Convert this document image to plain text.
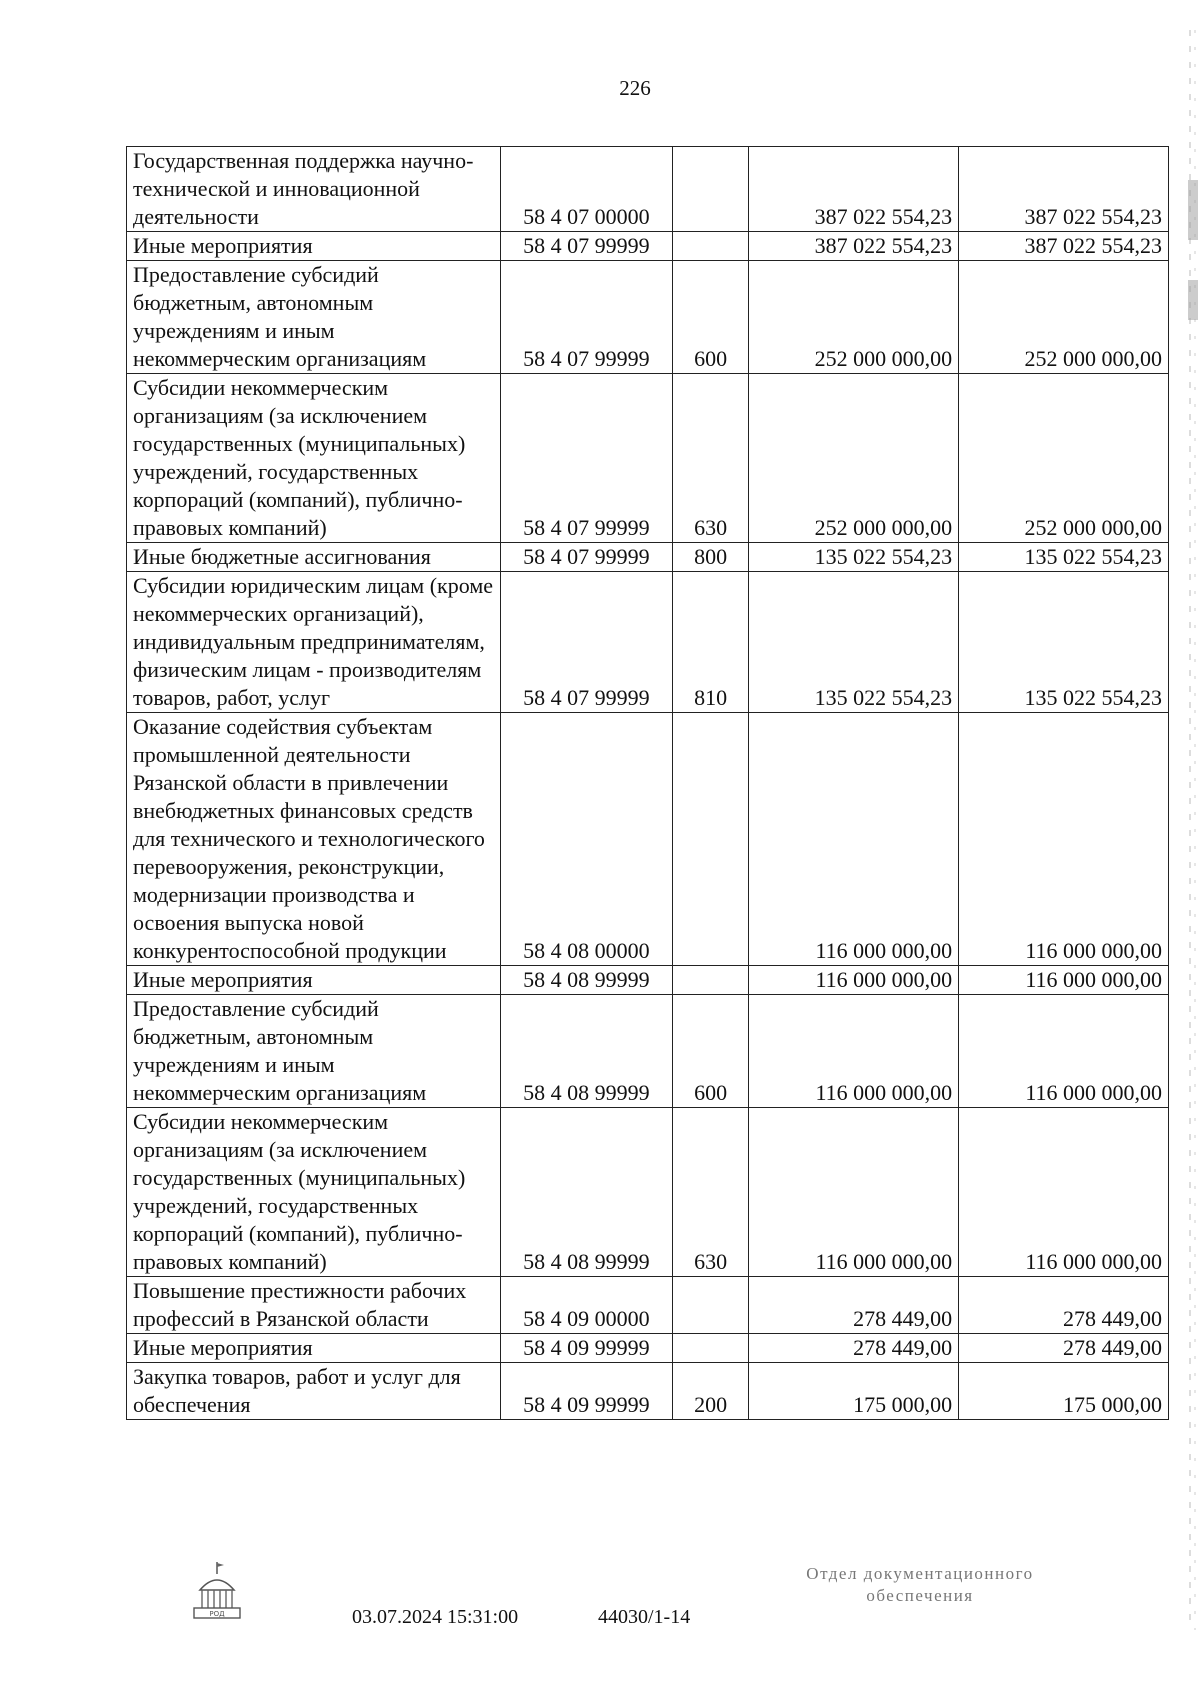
226
Государственная поддержка научно-технической и инновационной деятельности	58 4 07 00000		387 022 554,23	387 022 554,23
Иные мероприятия	58 4 07 99999		387 022 554,23	387 022 554,23
Предоставление субсидий бюджетным, автономным учреждениям и иным некоммерческим организациям	58 4 07 99999	600	252 000 000,00	252 000 000,00
Субсидии некоммерческим организациям (за исключением государственных (муниципальных) учреждений, государственных корпораций (компаний), публично-правовых компаний)	58 4 07 99999	630	252 000 000,00	252 000 000,00
Иные бюджетные ассигнования	58 4 07 99999	800	135 022 554,23	135 022 554,23
Субсидии юридическим лицам (кроме некоммерческих организаций), индивидуальным предпринимателям, физическим лицам - производителям товаров, работ, услуг	58 4 07 99999	810	135 022 554,23	135 022 554,23
Оказание содействия субъектам промышленной деятельности Рязанской области в привлечении внебюджетных финансовых средств для технического и технологического перевооружения, реконструкции, модернизации производства и освоения выпуска новой конкурентоспособной продукции	58 4 08 00000		116 000 000,00	116 000 000,00
Иные мероприятия	58 4 08 99999		116 000 000,00	116 000 000,00
Предоставление субсидий бюджетным, автономным учреждениям и иным некоммерческим организациям	58 4 08 99999	600	116 000 000,00	116 000 000,00
Субсидии некоммерческим организациям (за исключением государственных (муниципальных) учреждений, государственных корпораций (компаний), публично-правовых компаний)	58 4 08 99999	630	116 000 000,00	116 000 000,00
Повышение престижности рабочих профессий в Рязанской области	58 4 09 00000		278 449,00	278 449,00
Иные мероприятия	58 4 09 99999		278 449,00	278 449,00
Закупка товаров, работ и услуг для обеспечения	58 4 09 99999	200	175 000,00	175 000,00
РОД	03.07.2024 15:31:00	44030/1-14
Отдел документационного
обеспечения
